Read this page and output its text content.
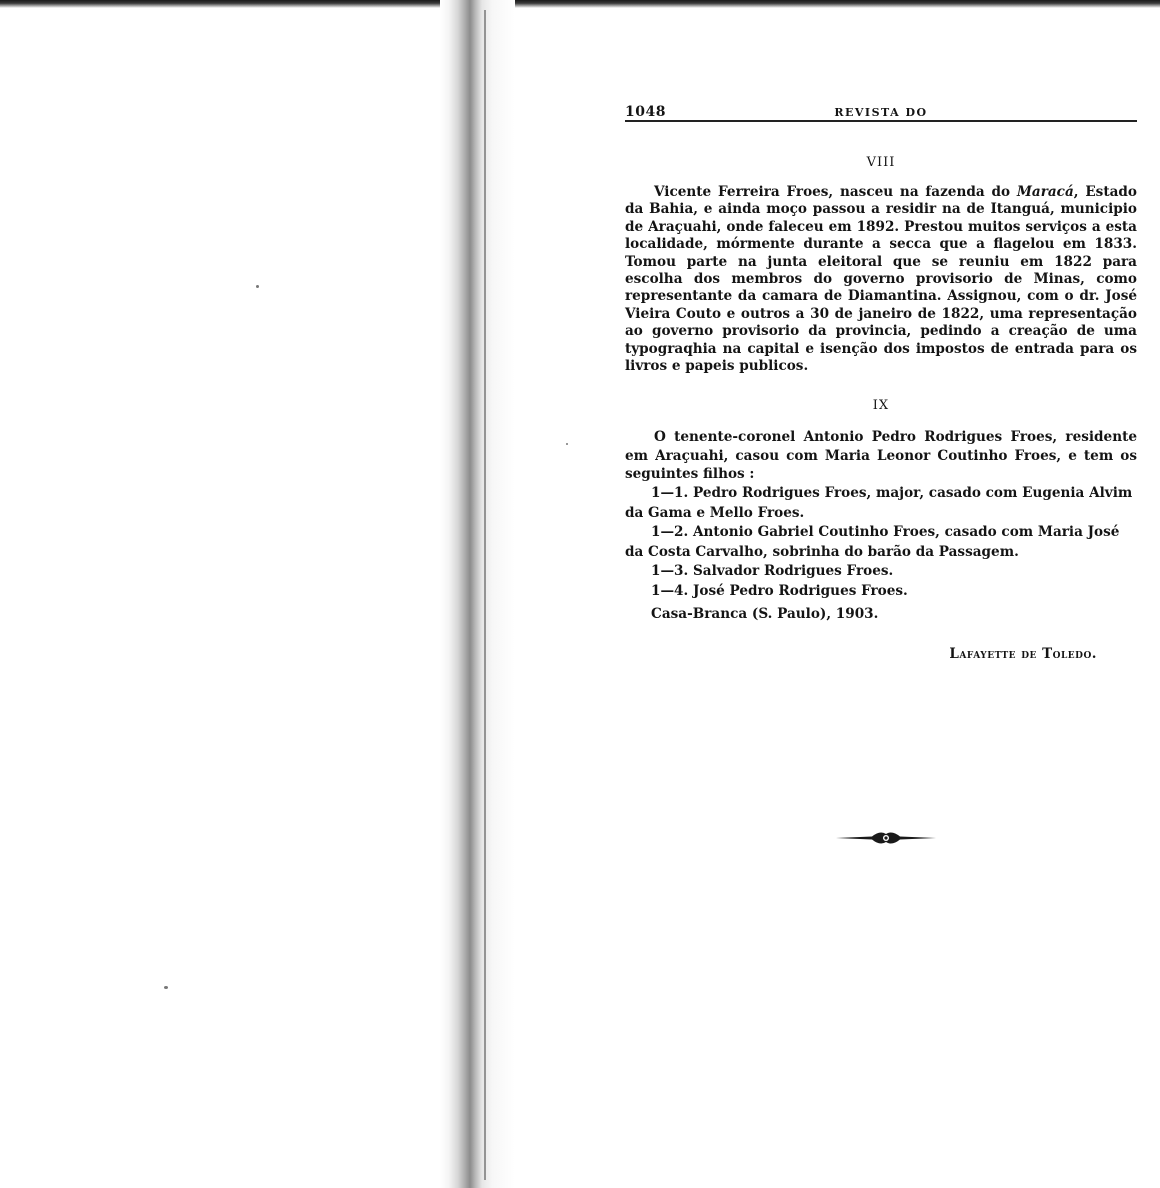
1048	REVISTA DO
VIII

Vicente Ferreira Froes, nasceu na fazenda do Maracá, Estado da Bahia, e ainda moço passou a residir na de Itanguá, municipio de Araçuahi, onde faleceu em 1892. Prestou muitos serviços a esta localidade, mórmente durante a secca que a flagelou em 1833. Tomou parte na junta eleitoral que se reuniu em 1822 para escolha dos membros do governo provisorio de Minas, como representante da camara de Diamantina. Assignou, com o dr. José Vieira Couto e outros a 30 de janeiro de 1822, uma representação ao governo provisorio da provincia, pedindo a creação de uma typograqhia na capital e isenção dos impostos de entrada para os livros e papeis publicos.

IX

O tenente-coronel Antonio Pedro Rodrigues Froes, residente em Araçuahi, casou com Maria Leonor Coutinho Froes, e tem os seguintes filhos :

1—1. Pedro Rodrigues Froes, major, casado com Eugenia Alvim

da Gama e Mello Froes.

1—2. Antonio Gabriel Coutinho Froes, casado com Maria José

da Costa Carvalho, sobrinha do barão da Passagem.

1—3. Salvador Rodrigues Froes.

1—4. José Pedro Rodrigues Froes.

Casa-Branca (S. Paulo), 1903.

Lafayette de Toledo.
